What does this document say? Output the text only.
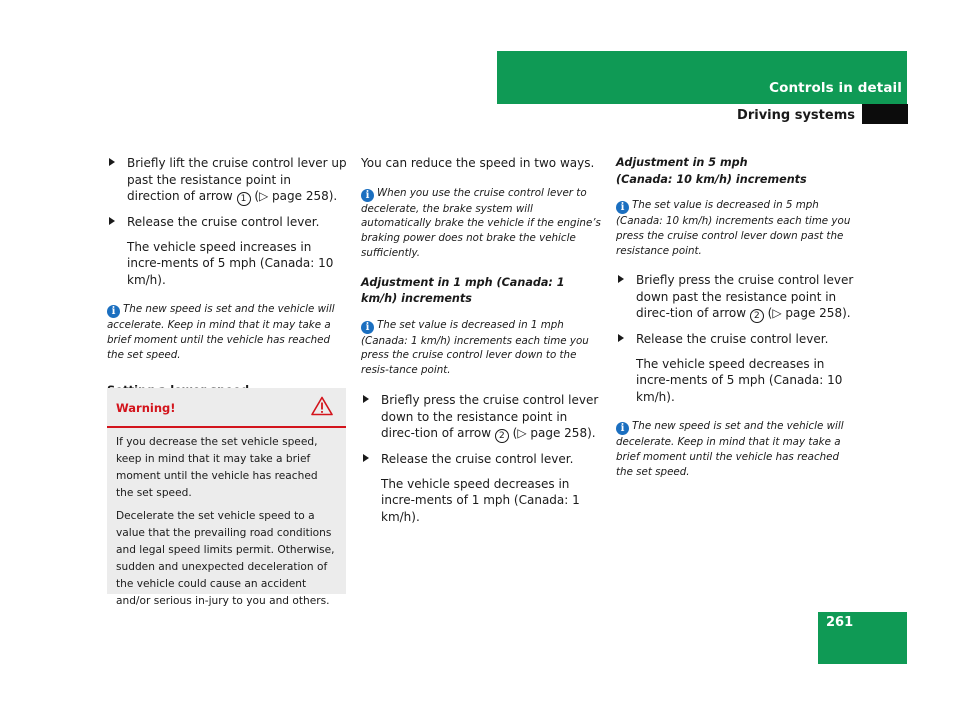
Controls in detail
Driving systems
Briefly lift the cruise control lever up past the resistance point in direction of arrow 1 (▷ page 258).
Release the cruise control lever.
The vehicle speed increases in incre-ments of 5 mph (Canada: 10 km/h).
i The new speed is set and the vehicle will accelerate. Keep in mind that it may take a brief moment until the vehicle has reached the set speed.
Warning!

If you decrease the set vehicle speed, keep in mind that it may take a brief moment until the vehicle has reached the set speed.

Decelerate the set vehicle speed to a value that the prevailing road conditions and legal speed limits permit. Otherwise, sudden and unexpected deceleration of the vehicle could cause an accident and/or serious in-jury to you and others.

You can reduce the speed in two ways.
i When you use the cruise control lever to decelerate, the brake system will automatically brake the vehicle if the engine’s braking power does not brake the vehicle sufficiently.
Adjustment in 1 mph (Canada: 1 km/h) increments
i The set value is decreased in 1 mph (Canada: 1 km/h) increments each time you press the cruise control lever down to the resis-tance point.
Briefly press the cruise control lever down to the resistance point in direc-tion of arrow 2 (▷ page 258).
Release the cruise control lever.
The vehicle speed decreases in incre-ments of 1 mph (Canada: 1 km/h).
Adjustment in 5 mph
(Canada: 10 km/h) increments
i The set value is decreased in 5 mph (Canada: 10 km/h) increments each time you press the cruise control lever down past the resistance point.
Briefly press the cruise control lever down past the resistance point in direc-tion of arrow 2 (▷ page 258).
Release the cruise control lever.
The vehicle speed decreases in incre-ments of 5 mph (Canada: 10 km/h).
i The new speed is set and the vehicle will decelerate. Keep in mind that it may take a brief moment until the vehicle has reached the set speed.
261
